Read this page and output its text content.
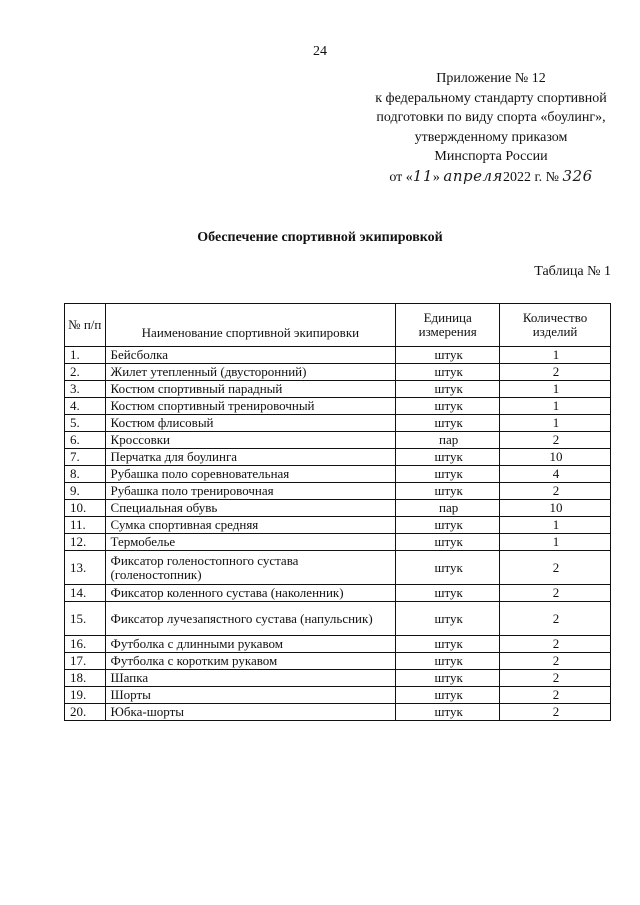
24
Приложение № 12
к федеральному стандарту спортивной
подготовки по виду спорта «боулинг»,
утвержденному приказом
Минспорта России
от «11» апреля2022 г. № 326
Обеспечение спортивной экипировкой
Таблица № 1
№ п/п	Наименование спортивной экипировки	Единица измерения	Количество изделий
1.	Бейсболка	штук	1
2.	Жилет утепленный (двусторонний)	штук	2
3.	Костюм спортивный парадный	штук	1
4.	Костюм спортивный тренировочный	штук	1
5.	Костюм флисовый	штук	1
6.	Кроссовки	пар	2
7.	Перчатка для боулинга	штук	10
8.	Рубашка поло соревновательная	штук	4
9.	Рубашка поло тренировочная	штук	2
10.	Специальная обувь	пар	10
11.	Сумка спортивная средняя	штук	1
12.	Термобелье	штук	1
13.	Фиксатор голеностопного сустава (голеностопник)	штук	2
14.	Фиксатор коленного сустава (наколенник)	штук	2
15.	Фиксатор лучезапястного сустава (напульсник)	штук	2
16.	Футболка с длинными рукавом	штук	2
17.	Футболка с коротким рукавом	штук	2
18.	Шапка	штук	2
19.	Шорты	штук	2
20.	Юбка-шорты	штук	2
